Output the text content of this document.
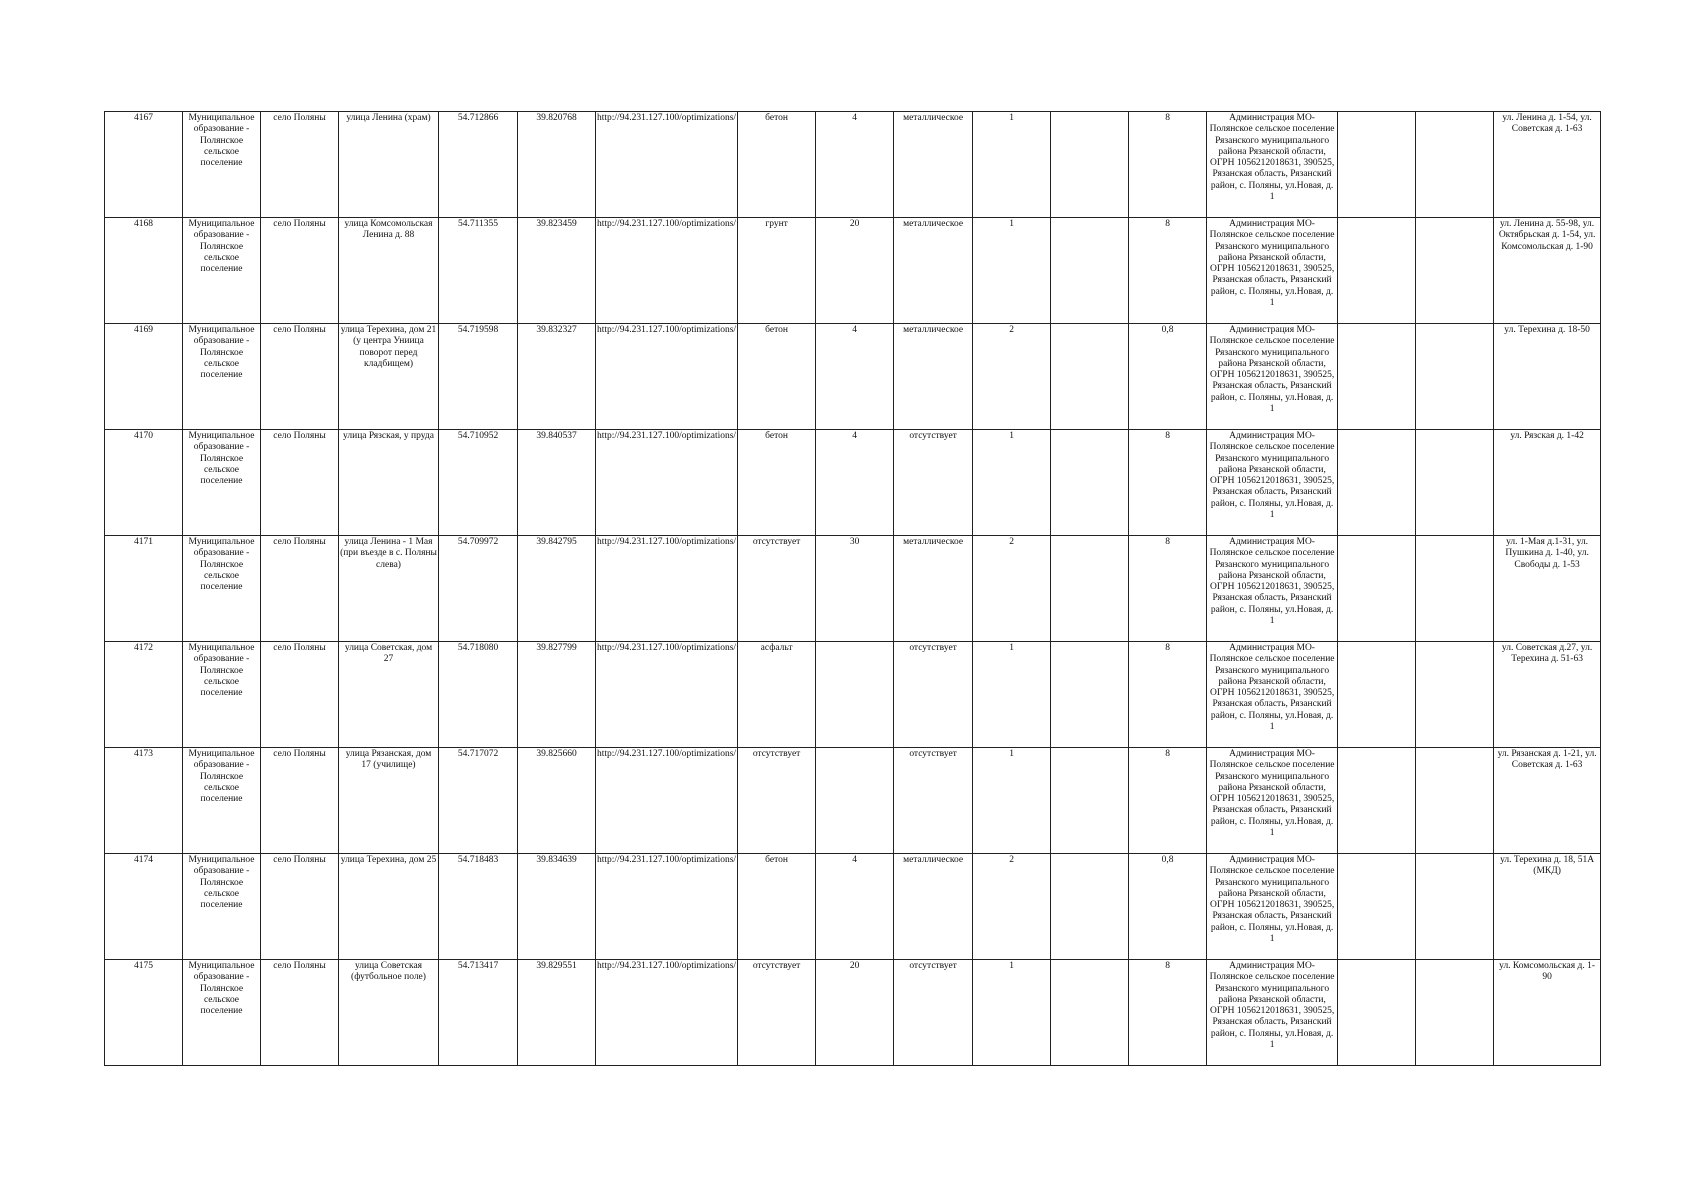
4167	Муниципальное образование - Полянское сельское поселение	село Поляны	улица Ленина (храм)	54.712866	39.820768	http://94.231.127.100/optimizations/	бетон	4	металлическое	1		8	Администрация МО-Полянское сельское поселение Рязанского муниципального района Рязанской области, ОГРН 1056212018631, 390525, Рязанская область, Рязанский район, с. Поляны, ул.Новая, д. 1			ул. Ленина д. 1-54, ул. Советская д. 1-63
4168	Муниципальное образование - Полянское сельское поселение	село Поляны	улица Комсомольская Ленина д. 88	54.711355	39.823459	http://94.231.127.100/optimizations/	грунт	20	металлическое	1		8	Администрация МО-Полянское сельское поселение Рязанского муниципального района Рязанской области, ОГРН 1056212018631, 390525, Рязанская область, Рязанский район, с. Поляны, ул.Новая, д. 1			ул. Ленина д. 55-98, ул. Октябрьская д. 1-54, ул. Комсомольская д. 1-90
4169	Муниципальное образование - Полянское сельское поселение	село Поляны	улица Терехина, дом 21 (у центра Униица поворот перед кладбищем)	54.719598	39.832327	http://94.231.127.100/optimizations/	бетон	4	металлическое	2		0,8	Администрация МО-Полянское сельское поселение Рязанского муниципального района Рязанской области, ОГРН 1056212018631, 390525, Рязанская область, Рязанский район, с. Поляны, ул.Новая, д. 1			ул. Терехина д. 18-50
4170	Муниципальное образование - Полянское сельское поселение	село Поляны	улица Рязская, у пруда	54.710952	39.840537	http://94.231.127.100/optimizations/	бетон	4	отсутствует	1		8	Администрация МО-Полянское сельское поселение Рязанского муниципального района Рязанской области, ОГРН 1056212018631, 390525, Рязанская область, Рязанский район, с. Поляны, ул.Новая, д. 1			ул. Рязская д. 1-42
4171	Муниципальное образование - Полянское сельское поселение	село Поляны	улица Ленина - 1 Мая (при въезде в с. Поляны слева)	54.709972	39.842795	http://94.231.127.100/optimizations/	отсутствует	30	металлическое	2		8	Администрация МО-Полянское сельское поселение Рязанского муниципального района Рязанской области, ОГРН 1056212018631, 390525, Рязанская область, Рязанский район, с. Поляны, ул.Новая, д. 1			ул. 1-Мая д.1-31, ул. Пушкина д. 1-40, ул. Свободы д. 1-53
4172	Муниципальное образование - Полянское сельское поселение	село Поляны	улица Советская, дом 27	54.718080	39.827799	http://94.231.127.100/optimizations/	асфальт		отсутствует	1		8	Администрация МО-Полянское сельское поселение Рязанского муниципального района Рязанской области, ОГРН 1056212018631, 390525, Рязанская область, Рязанский район, с. Поляны, ул.Новая, д. 1			ул. Советская д.27, ул. Терехина д. 51-63
4173	Муниципальное образование - Полянское сельское поселение	село Поляны	улица Рязанская, дом 17 (училище)	54.717072	39.825660	http://94.231.127.100/optimizations/	отсутствует		отсутствует	1		8	Администрация МО-Полянское сельское поселение Рязанского муниципального района Рязанской области, ОГРН 1056212018631, 390525, Рязанская область, Рязанский район, с. Поляны, ул.Новая, д. 1			ул. Рязанская д. 1-21, ул. Советская д. 1-63
4174	Муниципальное образование - Полянское сельское поселение	село Поляны	улица Терехина, дом 25	54.718483	39.834639	http://94.231.127.100/optimizations/	бетон	4	металлическое	2		0,8	Администрация МО-Полянское сельское поселение Рязанского муниципального района Рязанской области, ОГРН 1056212018631, 390525, Рязанская область, Рязанский район, с. Поляны, ул.Новая, д. 1			ул. Терехина д. 18, 51А (МКД)
4175	Муниципальное образование - Полянское сельское поселение	село Поляны	улица Советская (футбольное поле)	54.713417	39.829551	http://94.231.127.100/optimizations/	отсутствует	20	отсутствует	1		8	Администрация МО-Полянское сельское поселение Рязанского муниципального района Рязанской области, ОГРН 1056212018631, 390525, Рязанская область, Рязанский район, с. Поляны, ул.Новая, д. 1			ул. Комсомольская д. 1-90
